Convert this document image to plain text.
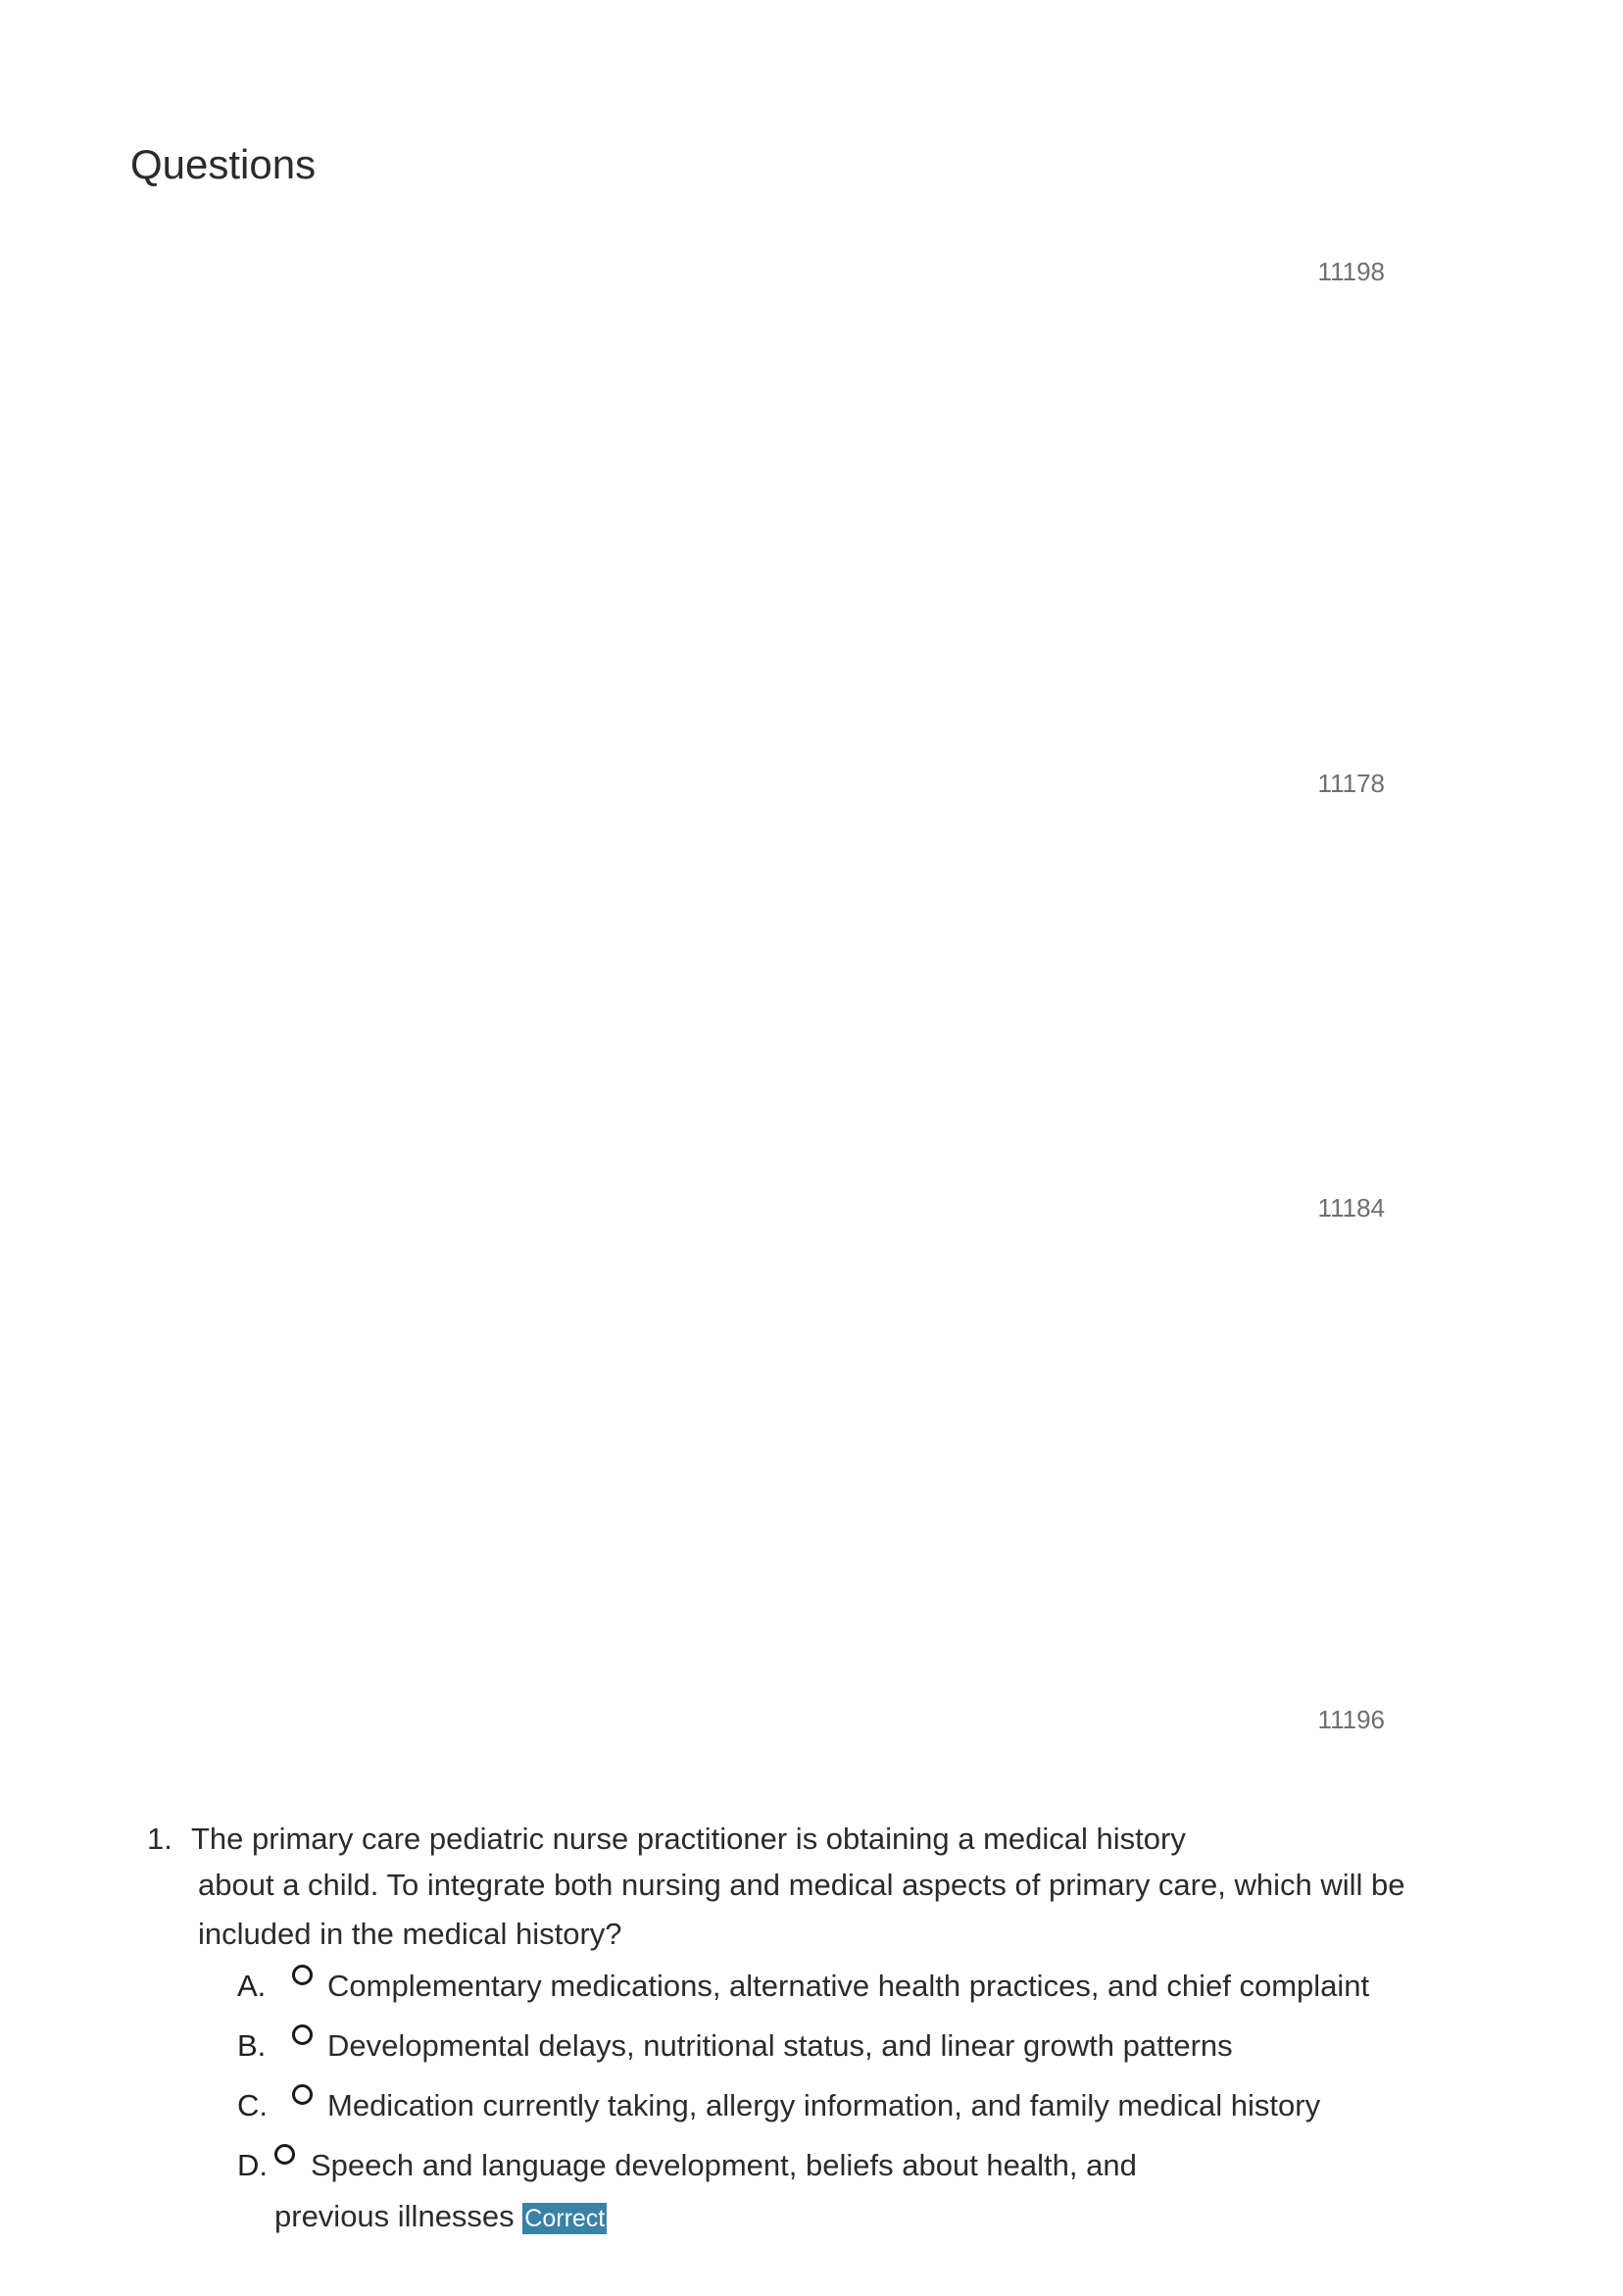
Questions
11198
11178
11184
11196
1. The primary care pediatric nurse practitioner is obtaining a medical history
about a child. To integrate both nursing and medical aspects of primary care, which will be included in the medical history?
A. Complementary medications, alternative health practices, and chief complaint
B. Developmental delays, nutritional status, and linear growth patterns
C. Medication currently taking, allergy information, and family medical history
D.	Speech and language development, beliefs about health, and previous illnesses Correct
